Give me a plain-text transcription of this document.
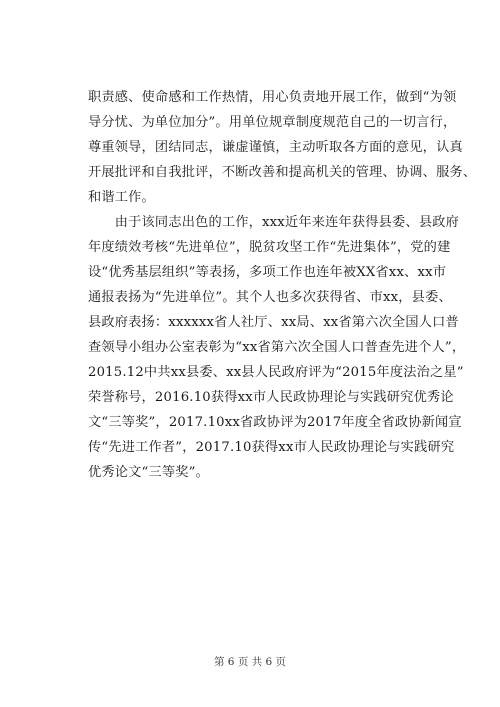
职责感、使命感和工作热情，用心负责地开展工作，做到“为领
导分忧、为单位加分”。用单位规章制度规范自己的一切言行，
尊重领导，团结同志，谦虚谨慎，主动听取各方面的意见，认真
开展批评和自我批评，不断改善和提高机关的管理、协调、服务、
和谐工作。
　　由于该同志出色的工作，xxx近年来连年获得县委、县政府
年度绩效考核“先进单位”，脱贫攻坚工作“先进集体”，党的建
设“优秀基层组织”等表扬，多项工作也连年被XX省xx、xx市
通报表扬为“先进单位”。其个人也多次获得省、市xx，县委、
县政府表扬：xxxxxx省人社厅、xx局、xx省第六次全国人口普
查领导小组办公室表彰为“xx省第六次全国人口普查先进个人”，
2015.12中共xx县委、xx县人民政府评为“2015年度法治之星”
荣誉称号，2016.10获得xx市人民政协理论与实践研究优秀论
文“三等奖”，2017.10xx省政协评为2017年度全省政协新闻宣
传“先进工作者”，2017.10获得xx市人民政协理论与实践研究
优秀论文“三等奖”。
第 6 页 共 6 页
